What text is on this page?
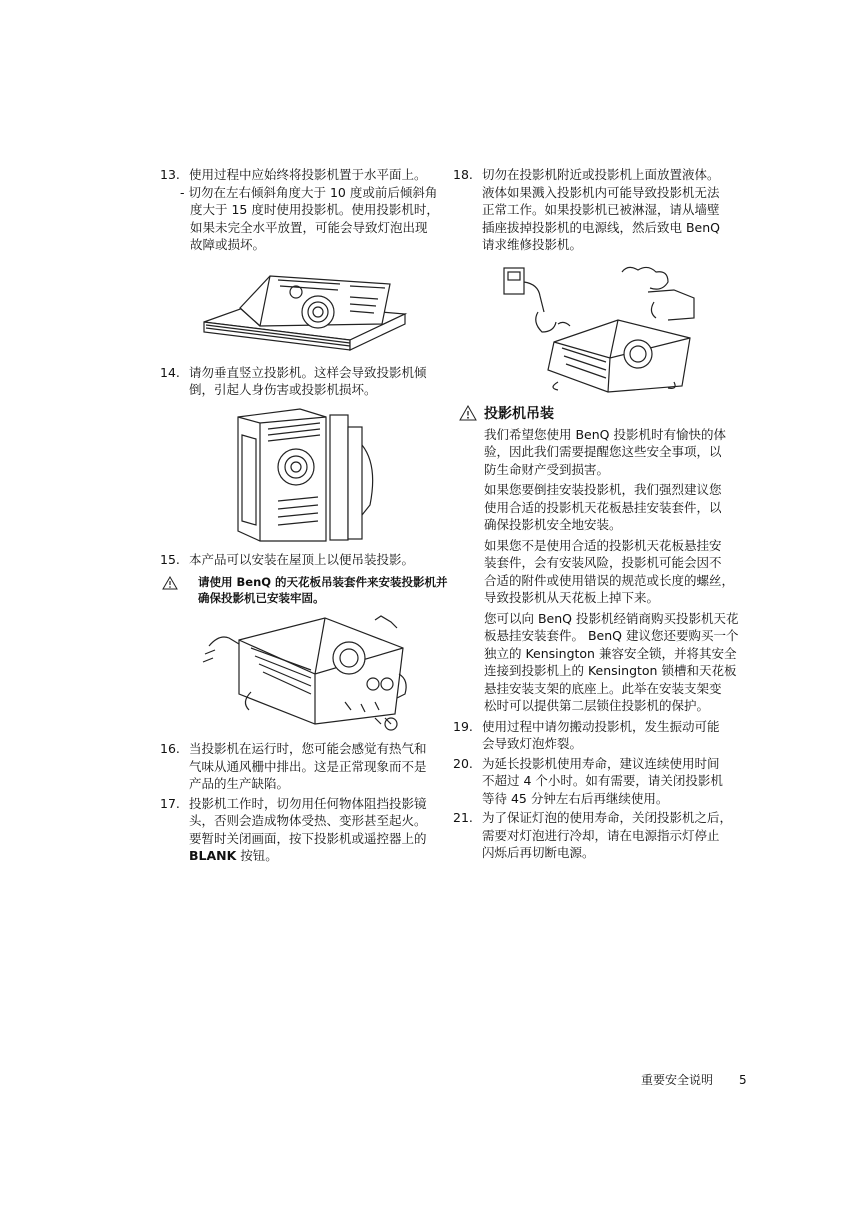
13. 使用过程中应始终将投影机置于水平面上。
- 切勿在左右倾斜角度大于 10 度或前后倾斜角
度大于 15 度时使用投影机。使用投影机时，
如果未完全水平放置，可能会导致灯泡出现
故障或损坏。
14. 请勿垂直竖立投影机。这样会导致投影机倾
倒，引起人身伤害或投影机损坏。
15. 本产品可以安装在屋顶上以便吊装投影。
请使用 BenQ 的天花板吊装套件来安装投影机并
确保投影机已安装牢固。
16. 当投影机在运行时，您可能会感觉有热气和
气味从通风栅中排出。这是正常现象而不是
产品的生产缺陷。
17. 投影机工作时，切勿用任何物体阻挡投影镜
头，否则会造成物体受热、变形甚至起火。
要暂时关闭画面，按下投影机或遥控器上的
BLANK 按钮。
18. 切勿在投影机附近或投影机上面放置液体。
液体如果溅入投影机内可能导致投影机无法
正常工作。如果投影机已被淋湿，请从墙壁
插座拔掉投影机的电源线，然后致电 BenQ
请求维修投影机。
投影机吊装
我们希望您使用 BenQ 投影机时有愉快的体
验，因此我们需要提醒您这些安全事项，以
防生命财产受到损害。
如果您要倒挂安装投影机，我们强烈建议您
使用合适的投影机天花板悬挂安装套件，以
确保投影机安全地安装。
如果您不是使用合适的投影机天花板悬挂安
装套件，会有安装风险，投影机可能会因不
合适的附件或使用错误的规范或长度的螺丝，
导致投影机从天花板上掉下来。
您可以向 BenQ 投影机经销商购买投影机天花
板悬挂安装套件。 BenQ 建议您还要购买一个
独立的 Kensington 兼容安全锁，并将其安全
连接到投影机上的 Kensington 锁槽和天花板
悬挂安装支架的底座上。此举在安装支架变
松时可以提供第二层锁住投影机的保护。
19. 使用过程中请勿搬动投影机，发生振动可能
会导致灯泡炸裂。
20. 为延长投影机使用寿命，建议连续使用时间
不超过 4 个小时。如有需要，请关闭投影机
等待 45 分钟左右后再继续使用。
21. 为了保证灯泡的使用寿命，关闭投影机之后，
需要对灯泡进行冷却，请在电源指示灯停止
闪烁后再切断电源。
重要安全说明 5
